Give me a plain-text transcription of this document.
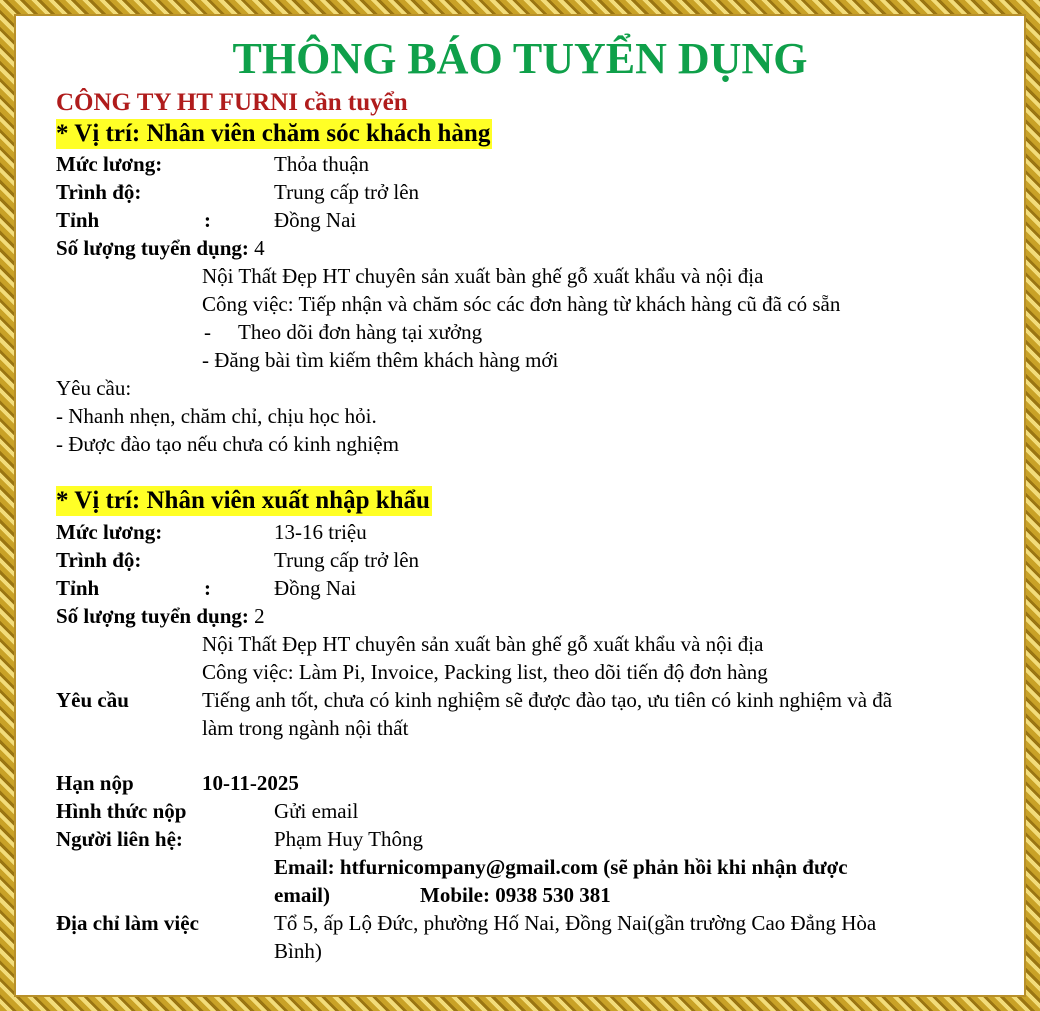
THÔNG BÁO TUYỂN DỤNG
CÔNG TY HT FURNI cần tuyển
* Vị trí: Nhân viên chăm sóc khách hàng
Mức lương:	Thỏa thuận
Trình độ:	Trung cấp trở lên
Tỉnh	:	Đồng Nai
Số lượng tuyển dụng: 4
Nội Thất Đẹp HT chuyên sản xuất bàn ghế gỗ xuất khẩu và nội địa
Công việc: Tiếp nhận và chăm sóc các đơn hàng từ khách hàng cũ đã có sẵn
- Theo dõi đơn hàng tại xưởng
- Đăng bài tìm kiếm thêm khách hàng mới
Yêu cầu:
- Nhanh nhẹn, chăm chỉ, chịu học hỏi.
- Được đào tạo nếu chưa có kinh nghiệm
* Vị trí: Nhân viên xuất nhập khẩu
Mức lương:	13-16 triệu
Trình độ:	Trung cấp trở lên
Tỉnh	:	Đồng Nai
Số lượng tuyển dụng: 2
Nội Thất Đẹp HT chuyên sản xuất bàn ghế gỗ xuất khẩu và nội địa
Công việc: Làm Pi, Invoice, Packing list, theo dõi tiến độ đơn hàng
Yêu cầu	Tiếng anh tốt, chưa có kinh nghiệm sẽ được đào tạo, ưu tiên có kinh nghiệm và đã
làm trong ngành nội thất
Hạn nộp	10-11-2025
Hình thức nộp	Gửi email
Người liên hệ:	Phạm Huy Thông
Email: htfurnicompany@gmail.com (sẽ phản hồi khi nhận được
email)	Mobile: 0938 530 381
Địa chỉ làm việc	Tổ 5, ấp Lộ Đức, phường Hố Nai, Đồng Nai(gần trường Cao Đẳng Hòa
Bình)
